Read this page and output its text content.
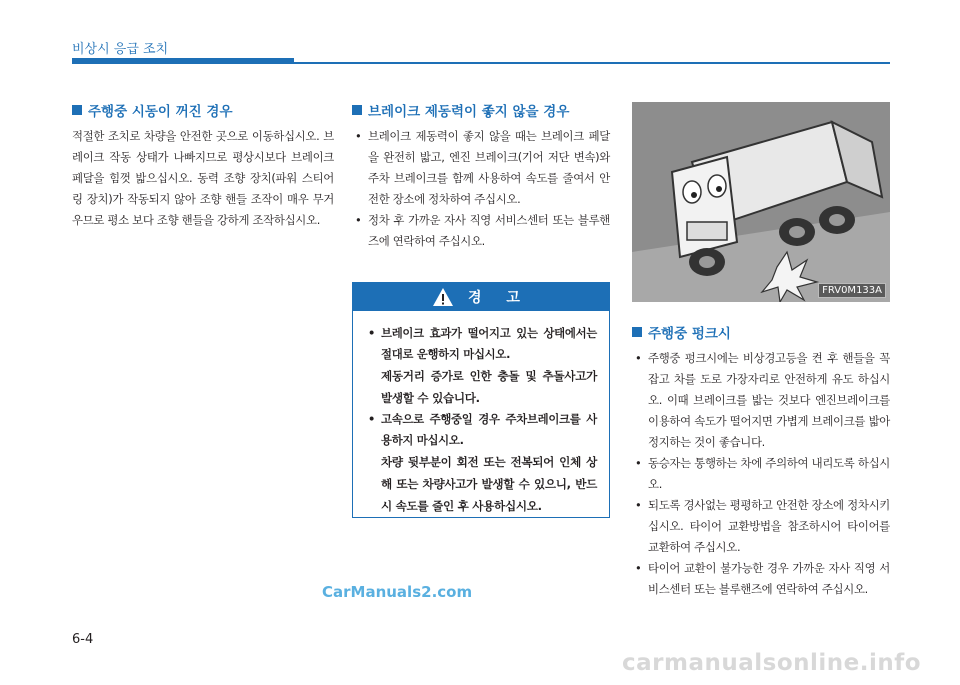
비상시 응급 조치
주행중 시동이 꺼진 경우

적절한 조치로 차량을 안전한 곳으로 이동하십시오. 브레이크 작동 상태가 나빠지므로 평상시보다 브레이크 페달을 힘껏 밟으십시오. 동력 조향 장치(파워 스티어링 장치)가 작동되지 않아 조향 핸들 조작이 매우 무거우므로 평소 보다 조향 핸들을 강하게 조작하십시오.

브레이크 제동력이 좋지 않을 경우
• 브레이크 제동력이 좋지 않을 때는 브레이크 페달을 완전히 밟고, 엔진 브레이크(기어 저단 변속)와 주차 브레이크를 함께 사용하여 속도를 줄여서 안전한 장소에 정차하여 주십시오.
• 정차 후 가까운 자사 직영 서비스센터 또는 블루핸즈에 연락하여 주십시오.
경 고
• 브레이크 효과가 떨어지고 있는 상태에서는 절대로 운행하지 마십시오.

제동거리 증가로 인한 충돌 및 추돌사고가 발생할 수 있습니다.

• 고속으로 주행중일 경우 주차브레이크를 사용하지 마십시오.

차량 뒷부분이 회전 또는 전복되어 인체 상해 또는 차량사고가 발생할 수 있으니, 반드시 속도를 줄인 후 사용하십시오.

FRV0M133A
주행중 펑크시
• 주행중 펑크시에는 비상경고등을 켠 후 핸들을 꼭 잡고 차를 도로 가장자리로 안전하게 유도 하십시오. 이때 브레이크를 밟는 것보다 엔진브레이크를 이용하여 속도가 떨어지면 가볍게 브레이크를 밟아 정지하는 것이 좋습니다.
• 동승자는 통행하는 차에 주의하여 내리도록 하십시오.
• 되도록 경사없는 평평하고 안전한 장소에 정차시키십시오. 타이어 교환방법을 참조하시어 타이어를 교환하여 주십시오.
• 타이어 교환이 불가능한 경우 가까운 자사 직영 서비스센터 또는 블루핸즈에 연락하여 주십시오.
6-4
CarManuals2.com
carmanualsonline.info
